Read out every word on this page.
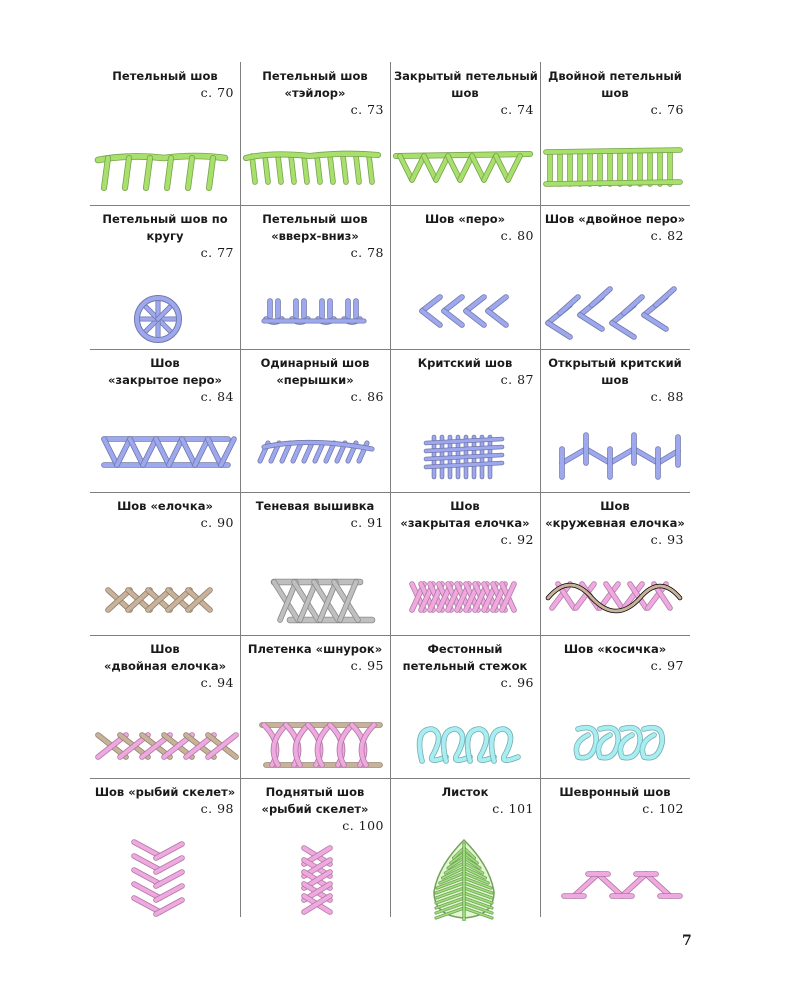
Петельный шов
с. 70
Петельный шов
«тэйлор»
с. 73
Закрытый петельный
шов
с. 74
Двойной петельный
шов
с. 76
Петельный шов по
кругу
с. 77
Петельный шов
«вверх-вниз»
с. 78
Шов «перо»
с. 80
Шов «двойное перо»
с. 82
Шов
«закрытое перо»
с. 84
Одинарный шов
«перышки»
с. 86
Критский шов
с. 87
Открытый критский
шов
с. 88
Шов «елочка»
с. 90
Теневая вышивка
с. 91
Шов
«закрытая елочка»
с. 92
Шов
«кружевная елочка»
с. 93
Шов
«двойная елочка»
с. 94
Плетенка «шнурок»
с. 95
Фестонный
петельный стежок
с. 96
Шов «косичка»
с. 97
Шов «рыбий скелет»
с. 98
Поднятый шов
«рыбий скелет»
с. 100
Листок
с. 101
Шевронный шов
с. 102
7
